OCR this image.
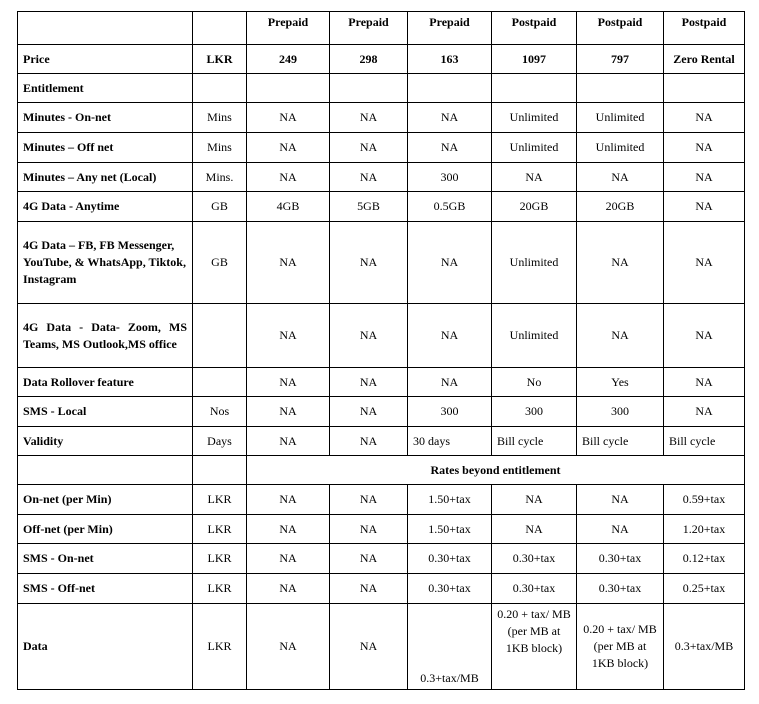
		Prepaid	Prepaid	Prepaid	Postpaid	Postpaid	Postpaid
Price	LKR	249	298	163	1097	797	Zero Rental
Entitlement							
Minutes - On-net	Mins	NA	NA	NA	Unlimited	Unlimited	NA
Minutes – Off net	Mins	NA	NA	NA	Unlimited	Unlimited	NA
Minutes – Any net (Local)	Mins.	NA	NA	300	NA	NA	NA
4G Data - Anytime	GB	4GB	5GB	0.5GB	20GB	20GB	NA
4G Data – FB, FB Messenger, YouTube, & WhatsApp, Tiktok, Instagram	GB	NA	NA	NA	Unlimited	NA	NA
4G Data - Data- Zoom, MS Teams, MS Outlook,MS office		NA	NA	NA	Unlimited	NA	NA
Data Rollover feature		NA	NA	NA	No	Yes	NA
SMS - Local	Nos	NA	NA	300	300	300	NA
Validity	Days	NA	NA	30 days	Bill cycle	Bill cycle	Bill cycle
		Rates beyond entitlement					
On-net (per Min)	LKR	NA	NA	1.50+tax	NA	NA	0.59+tax
Off-net (per Min)	LKR	NA	NA	1.50+tax	NA	NA	1.20+tax
SMS - On-net	LKR	NA	NA	0.30+tax	0.30+tax	0.30+tax	0.12+tax
SMS - Off-net	LKR	NA	NA	0.30+tax	0.30+tax	0.30+tax	0.25+tax
Data	LKR	NA	NA	0.3+tax/MB	0.20 + tax/ MB (per MB at 1KB block)	0.20 + tax/ MB (per MB at 1KB block)	0.3+tax/MB
